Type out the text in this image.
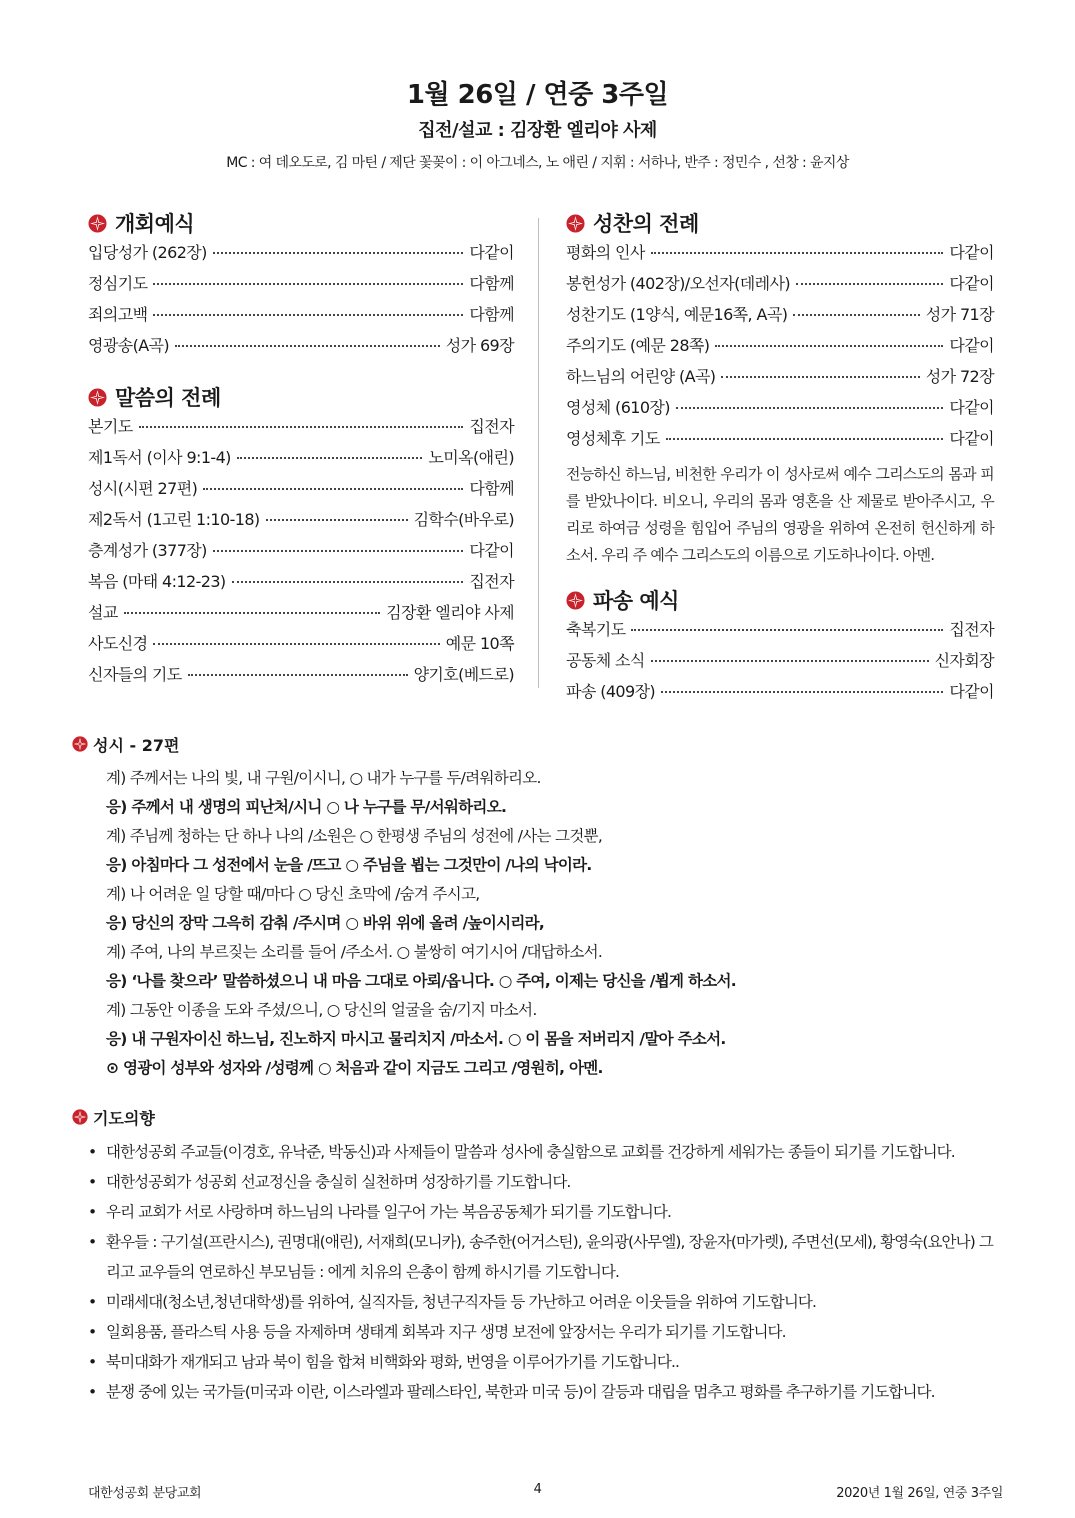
1월 26일 / 연중 3주일
집전/설교 : 김장환 엘리야 사제
MC : 여 데오도로, 김 마틴 / 제단 꽃꽂이 : 이 아그네스, 노 애린 / 지휘 : 서하나, 반주 : 정민수 , 선창 : 윤지상
개회예식
입당성가 (262장)	다같이
정심기도	다함께
죄의고백	다함께
영광송(A곡)	성가 69장
말씀의 전례
본기도	집전자
제1독서 (이사 9:1-4)	노미옥(애린)
성시(시편 27편)	다함께
제2독서 (1고린 1:10-18)	김학수(바우로)
층계성가 (377장)	다같이
복음 (마태 4:12-23)	집전자
설교	김장환 엘리야 사제
사도신경	예문 10쪽
신자들의 기도	양기호(베드로)
성찬의 전례
평화의 인사	다같이
봉헌성가 (402장)/오선자(데레사)	다같이
성찬기도 (1양식, 예문16쪽, A곡)	성가 71장
주의기도 (예문 28쪽)	다같이
하느님의 어린양 (A곡)	성가 72장
영성체 (610장)	다같이
영성체후 기도	다같이
전능하신 하느님, 비천한 우리가 이 성사로써 예수 그리스도의 몸과 피를 받았나이다. 비오니, 우리의 몸과 영혼을 산 제물로 받아주시고, 우리로 하여금 성령을 힘입어 주님의 영광을 위하여 온전히 헌신하게 하소서. 우리 주 예수 그리스도의 이름으로 기도하나이다. 아멘.
파송 예식
축복기도	집전자
공동체 소식	신자회장
파송 (409장)	다같이
성시 - 27편
계) 주께서는 나의 빛, 내 구원/이시니, ○ 내가 누구를 두/려워하리오.
응) 주께서 내 생명의 피난처/시니 ○ 나 누구를 무/서워하리오.
계) 주님께 청하는 단 하나 나의 /소원은 ○ 한평생 주님의 성전에 /사는 그것뿐,
응) 아침마다 그 성전에서 눈을 /뜨고 ○ 주님을 뵙는 그것만이 /나의 낙이라.
계) 나 어려운 일 당할 때/마다 ○ 당신 초막에 /숨겨 주시고,
응) 당신의 장막 그윽히 감춰 /주시며 ○ 바위 위에 올려 /높이시리라,
계) 주여, 나의 부르짖는 소리를 들어 /주소서. ○ 불쌍히 여기시어 /대답하소서.
응) ‘나를 찾으라’ 말씀하셨으니 내 마음 그대로 아뢰/옵니다. ○ 주여, 이제는 당신을 /뵙게 하소서.
계) 그동안 이종을 도와 주셨/으니, ○ 당신의 얼굴을 숨/기지 마소서.
응) 내 구원자이신 하느님, 진노하지 마시고 물리치지 /마소서. ○ 이 몸을 저버리지 /말아 주소서.
⊙ 영광이 성부와 성자와 /성령께 ○ 처음과 같이 지금도 그리고 /영원히, 아멘.
기도의향
• 대한성공회 주교들(이경호, 유낙준, 박동신)과 사제들이 말씀과 성사에 충실함으로 교회를 건강하게 세워가는 종들이 되기를 기도합니다.
• 대한성공회가 성공회 선교정신을 충실히 실천하며 성장하기를 기도합니다.
• 우리 교회가 서로 사랑하며 하느님의 나라를 일구어 가는 복음공동체가 되기를 기도합니다.
• 환우들 : 구기설(프란시스), 권명대(애린), 서재희(모니카), 송주한(어거스틴), 윤의광(사무엘), 장윤자(마가렛), 주면선(모세), 황영숙(요안나) 그리고 교우들의 연로하신 부모님들 : 에게 치유의 은총이 함께 하시기를 기도합니다.
• 미래세대(청소년,청년대학생)를 위하여, 실직자들, 청년구직자들 등 가난하고 어려운 이웃들을 위하여 기도합니다.
• 일회용품, 플라스틱 사용 등을 자제하며 생태계 회복과 지구 생명 보전에 앞장서는 우리가 되기를 기도합니다.
• 북미대화가 재개되고 남과 북이 힘을 합쳐 비핵화와 평화, 번영을 이루어가기를 기도합니다..
• 분쟁 중에 있는 국가들(미국과 이란, 이스라엘과 팔레스타인, 북한과 미국 등)이 갈등과 대립을 멈추고 평화를 추구하기를 기도합니다.
대한성공회 분당교회	4	2020년 1월 26일, 연중 3주일
